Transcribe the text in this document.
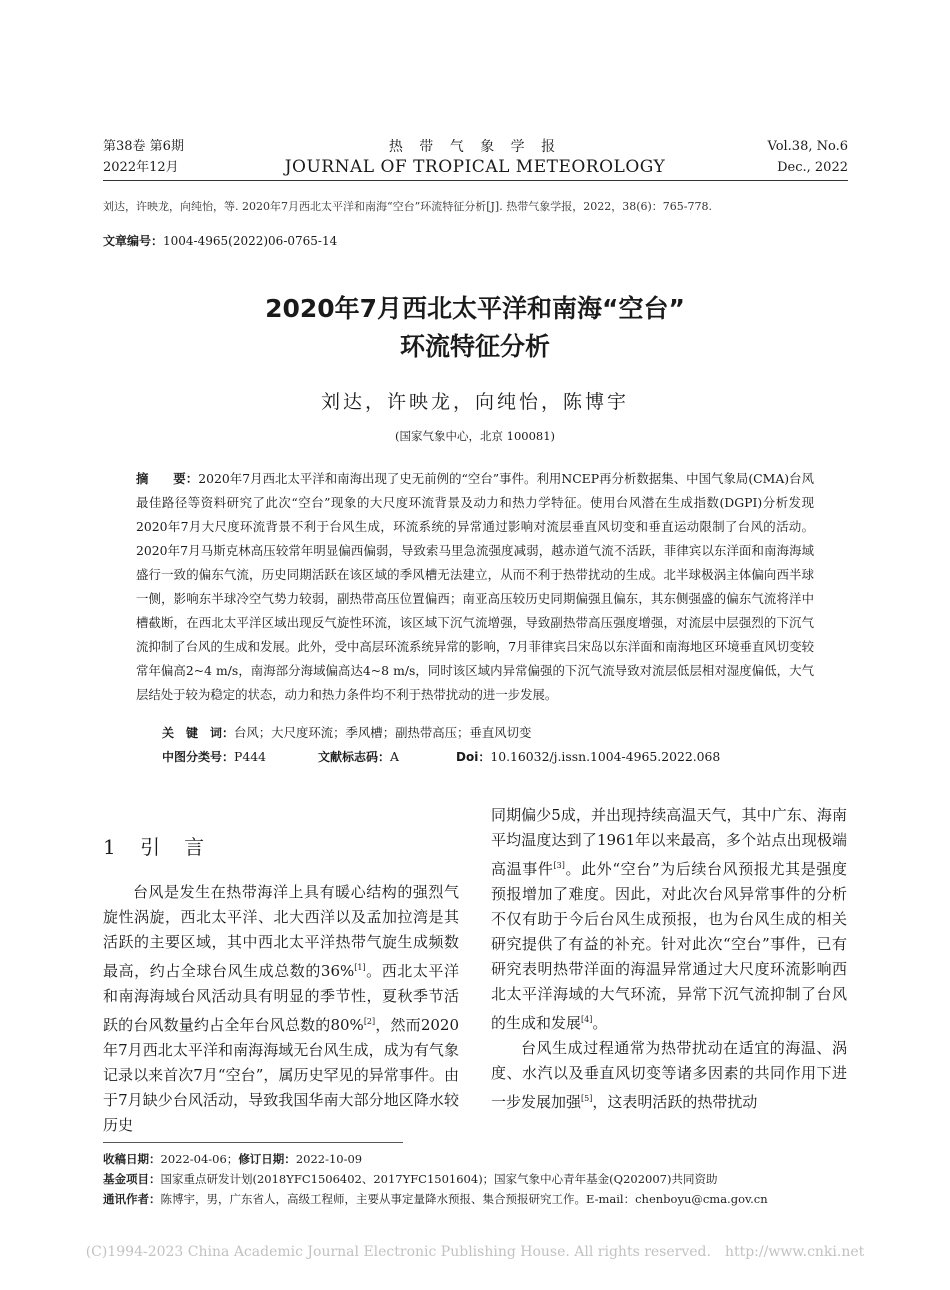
第38卷 第6期
2022年12月
热 带 气 象 学 报
JOURNAL OF TROPICAL METEOROLOGY
Vol.38, No.6
Dec., 2022
刘达，许映龙，向纯怡，等. 2020年7月西北太平洋和南海“空台”环流特征分析[J]. 热带气象学报，2022，38(6)：765-778.
文章编号：1004-4965(2022)06-0765-14
2020年7月西北太平洋和南海“空台”
环流特征分析
刘达，许映龙，向纯怡，陈博宇
(国家气象中心，北京 100081)
摘　　要：2020年7月西北太平洋和南海出现了史无前例的“空台”事件。利用NCEP再分析数据集、中国气象局(CMA)台风最佳路径等资料研究了此次“空台”现象的大尺度环流背景及动力和热力学特征。使用台风潜在生成指数(DGPI)分析发现2020年7月大尺度环流背景不利于台风生成，环流系统的异常通过影响对流层垂直风切变和垂直运动限制了台风的活动。2020年7月马斯克林高压较常年明显偏西偏弱，导致索马里急流强度减弱，越赤道气流不活跃，菲律宾以东洋面和南海海域盛行一致的偏东气流，历史同期活跃在该区域的季风槽无法建立，从而不利于热带扰动的生成。北半球极涡主体偏向西半球一侧，影响东半球冷空气势力较弱，副热带高压位置偏西；南亚高压较历史同期偏强且偏东，其东侧强盛的偏东气流将洋中槽截断，在西北太平洋区域出现反气旋性环流，该区域下沉气流增强，导致副热带高压强度增强，对流层中层强烈的下沉气流抑制了台风的生成和发展。此外，受中高层环流系统异常的影响，7月菲律宾吕宋岛以东洋面和南海地区环境垂直风切变较常年偏高2~4 m/s，南海部分海域偏高达4~8 m/s，同时该区域内异常偏强的下沉气流导致对流层低层相对湿度偏低，大气层结处于较为稳定的状态，动力和热力条件均不利于热带扰动的进一步发展。
关　键　词：台风；大尺度环流；季风槽；副热带高压；垂直风切变
中图分类号：P444	文献标志码：A	Doi：10.16032/j.issn.1004-4965.2022.068
1 引　言

台风是发生在热带海洋上具有暖心结构的强烈气旋性涡旋，西北太平洋、北大西洋以及孟加拉湾是其活跃的主要区域，其中西北太平洋热带气旋生成频数最高，约占全球台风生成总数的36%[1]。西北太平洋和南海海域台风活动具有明显的季节性，夏秋季节活跃的台风数量约占全年台风总数的80%[2]，然而2020年7月西北太平洋和南海海域无台风生成，成为有气象记录以来首次7月“空台”，属历史罕见的异常事件。由于7月缺少台风活动，导致我国华南大部分地区降水较历史

同期偏少5成，并出现持续高温天气，其中广东、海南平均温度达到了1961年以来最高，多个站点出现极端高温事件[3]。此外“空台”为后续台风预报尤其是强度预报增加了难度。因此，对此次台风异常事件的分析不仅有助于今后台风生成预报，也为台风生成的相关研究提供了有益的补充。针对此次“空台”事件，已有研究表明热带洋面的海温异常通过大尺度环流影响西北太平洋海域的大气环流，异常下沉气流抑制了台风的生成和发展[4]。

台风生成过程通常为热带扰动在适宜的海温、涡度、水汽以及垂直风切变等诸多因素的共同作用下进一步发展加强[5]，这表明活跃的热带扰动

收稿日期：2022-04-06；修订日期：2022-10-09
基金项目：国家重点研发计划(2018YFC1506402、2017YFC1501604)；国家气象中心青年基金(Q202007)共同资助
通讯作者：陈博宇，男，广东省人，高级工程师，主要从事定量降水预报、集合预报研究工作。E-mail：chenboyu@cma.gov.cn
(C)1994-2023 China Academic Journal Electronic Publishing House. All rights reserved.　http://www.cnki.net
